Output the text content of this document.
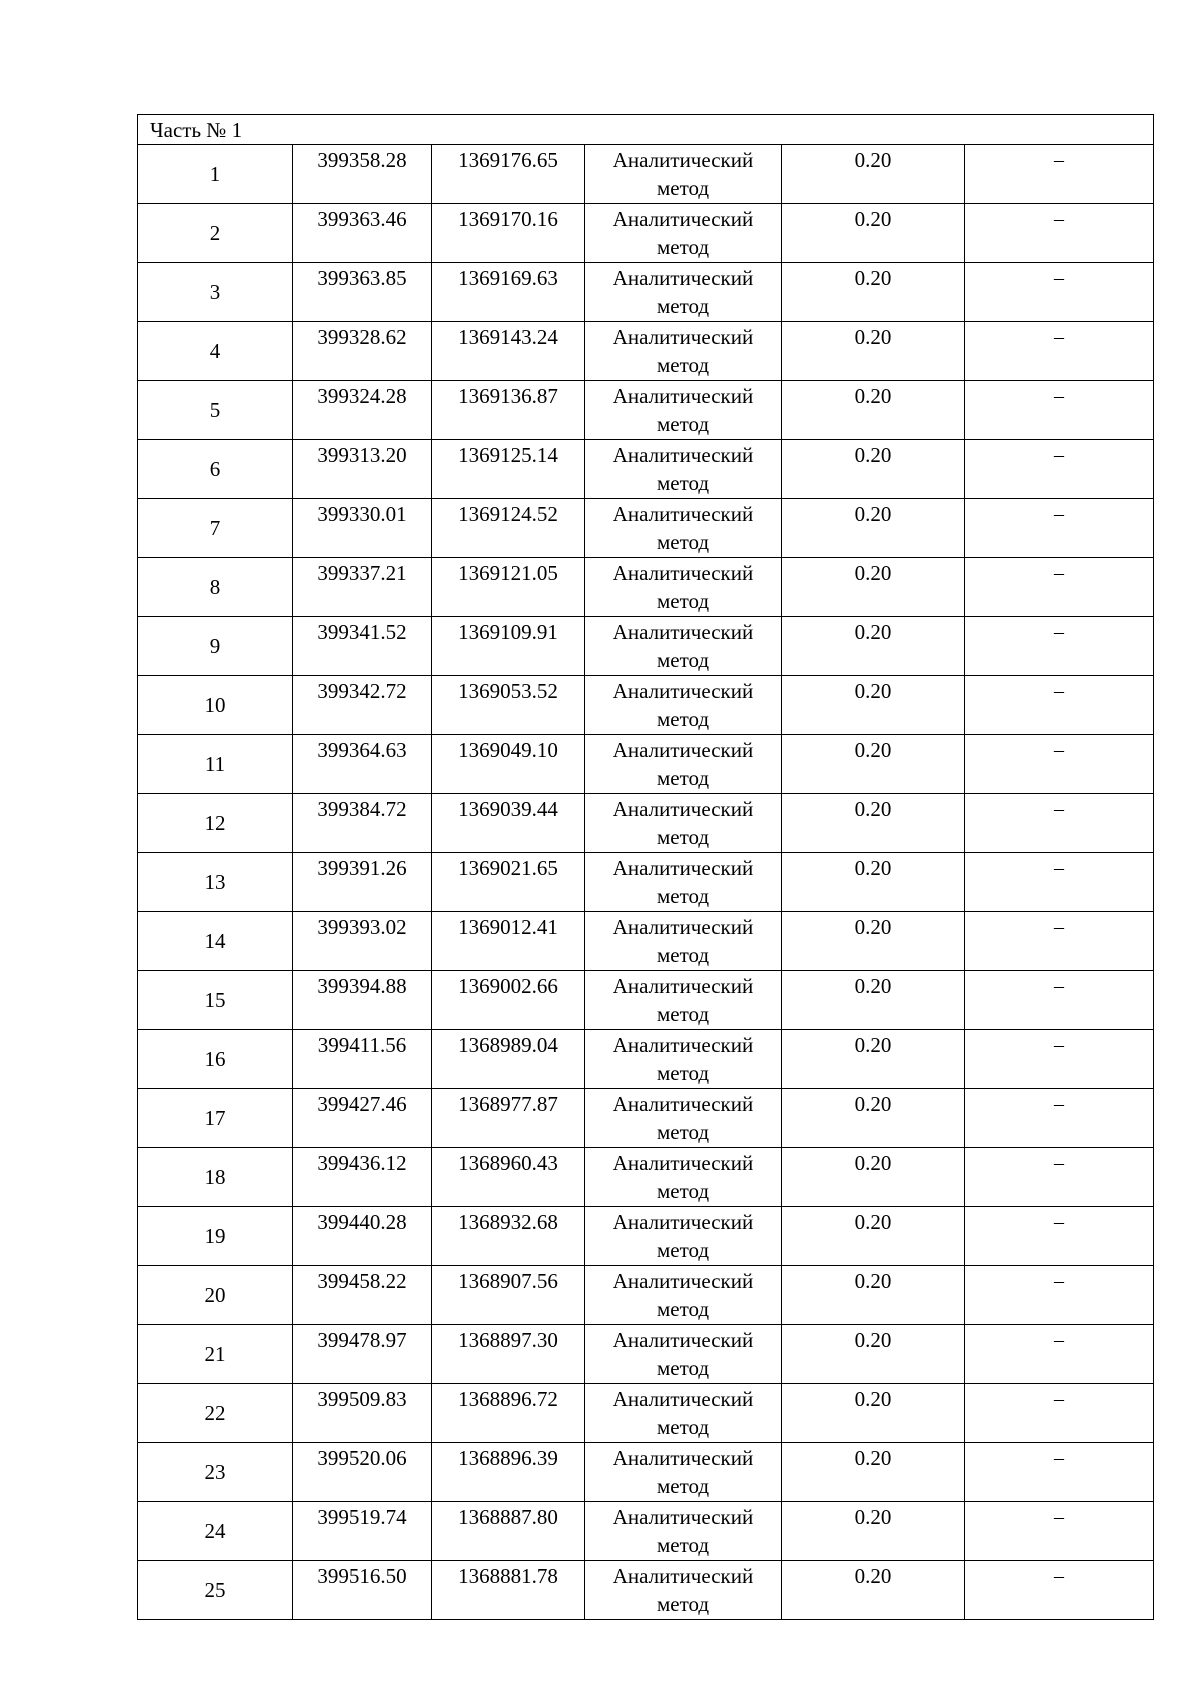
Часть № 1					
1	399358.28	1369176.65	Аналитический метод	0.20	–
2	399363.46	1369170.16	Аналитический метод	0.20	–
3	399363.85	1369169.63	Аналитический метод	0.20	–
4	399328.62	1369143.24	Аналитический метод	0.20	–
5	399324.28	1369136.87	Аналитический метод	0.20	–
6	399313.20	1369125.14	Аналитический метод	0.20	–
7	399330.01	1369124.52	Аналитический метод	0.20	–
8	399337.21	1369121.05	Аналитический метод	0.20	–
9	399341.52	1369109.91	Аналитический метод	0.20	–
10	399342.72	1369053.52	Аналитический метод	0.20	–
11	399364.63	1369049.10	Аналитический метод	0.20	–
12	399384.72	1369039.44	Аналитический метод	0.20	–
13	399391.26	1369021.65	Аналитический метод	0.20	–
14	399393.02	1369012.41	Аналитический метод	0.20	–
15	399394.88	1369002.66	Аналитический метод	0.20	–
16	399411.56	1368989.04	Аналитический метод	0.20	–
17	399427.46	1368977.87	Аналитический метод	0.20	–
18	399436.12	1368960.43	Аналитический метод	0.20	–
19	399440.28	1368932.68	Аналитический метод	0.20	–
20	399458.22	1368907.56	Аналитический метод	0.20	–
21	399478.97	1368897.30	Аналитический метод	0.20	–
22	399509.83	1368896.72	Аналитический метод	0.20	–
23	399520.06	1368896.39	Аналитический метод	0.20	–
24	399519.74	1368887.80	Аналитический метод	0.20	–
25	399516.50	1368881.78	Аналитический метод	0.20	–
